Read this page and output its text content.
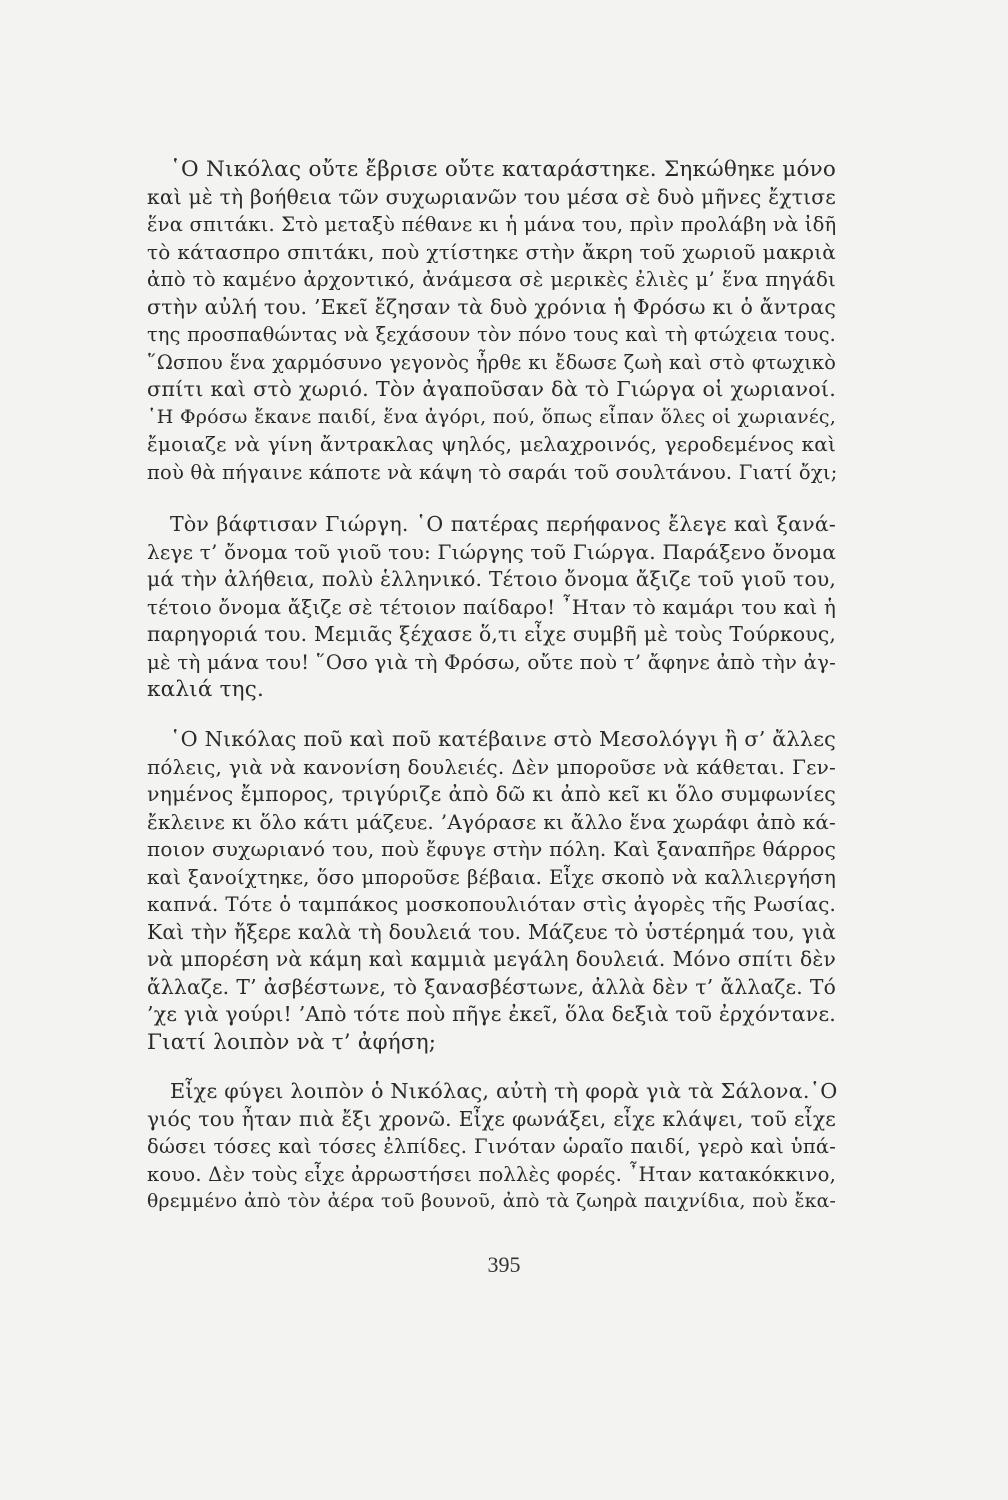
῾Ο Νικόλας οὔτε ἔβρισε οὔτε καταράστηκε. Σηκώθηκε μόνο
καὶ μὲ τὴ βοήθεια τῶν συχωριανῶν του μέσα σὲ δυὸ μῆνες ἔχτισε
ἕνα σπιτάκι. Στὸ μεταξὺ πέθανε κι ἡ μάνα του, πρὶν προλάβη νὰ ἰδῆ
τὸ κάτασπρο σπιτάκι, ποὺ χτίστηκε στὴν ἄκρη τοῦ χωριοῦ μακριὰ
ἀπὸ τὸ καμένο ἀρχοντικό, ἀνάμεσα σὲ μερικὲς ἐλιὲς μ’ ἕνα πηγάδι
στὴν αὐλή του. ’Εκεῖ ἔζησαν τὰ δυὸ χρόνια ἡ Φρόσω κι ὁ ἄντρας
της προσπαθώντας νὰ ξεχάσουν τὸν πόνο τους καὶ τὴ φτώχεια τους.
῞Ωσπου ἕνα χαρμόσυνο γεγονὸς ἦρθε κι ἔδωσε ζωὴ καὶ στὸ φτωχικὸ
σπίτι καὶ στὸ χωριό. Τὸν ἀγαποῦσαν δὰ τὸ Γιώργα οἱ χωριανοί.
῾Η Φρόσω ἔκανε παιδί, ἕνα ἀγόρι, πού, ὅπως εἶπαν ὅλες οἱ χωριανές,
ἔμοιαζε νὰ γίνη ἄντρακλας ψηλός, μελαχροινός, γεροδεμένος καὶ
ποὺ θὰ πήγαινε κάποτε νὰ κάψη τὸ σαράι τοῦ σουλτάνου. Γιατί ὄχι;
Τὸν βάφτισαν Γιώργη. ῾Ο πατέρας περήφανος ἔλεγε καὶ ξανά-
λεγε τ’ ὄνομα τοῦ γιοῦ του: Γιώργης τοῦ Γιώργα. Παράξενο ὄνομα
μά τὴν ἀλήθεια, πολὺ ἑλληνικό. Τέτοιο ὄνομα ἄξιζε τοῦ γιοῦ του,
τέτοιο ὄνομα ἄξιζε σὲ τέτοιον παίδαρο! ῏Ηταν τὸ καμάρι του καὶ ἡ
παρηγοριά του. Μεμιᾶς ξέχασε ὅ,τι εἶχε συμβῆ μὲ τοὺς Τούρκους,
μὲ τὴ μάνα του! ῞Οσο γιὰ τὴ Φρόσω, οὔτε ποὺ τ’ ἄφηνε ἀπὸ τὴν ἀγ-
καλιά της.
῾Ο Νικόλας ποῦ καὶ ποῦ κατέβαινε στὸ Μεσολόγγι ἢ σ’ ἄλλες
πόλεις, γιὰ νὰ κανονίση δουλειές. Δὲν μποροῦσε νὰ κάθεται. Γεν-
νημένος ἔμπορος, τριγύριζε ἀπὸ δῶ κι ἀπὸ κεῖ κι ὅλο συμφωνίες
ἔκλεινε κι ὅλο κάτι μάζευε. ’Αγόρασε κι ἄλλο ἕνα χωράφι ἀπὸ κά-
ποιον συχωριανό του, ποὺ ἔφυγε στὴν πόλη. Καὶ ξαναπῆρε θάρρος
καὶ ξανοίχτηκε, ὅσο μποροῦσε βέβαια. Εἶχε σκοπὸ νὰ καλλιεργήση
καπνά. Τότε ὁ ταμπάκος μοσκοπουλιόταν στὶς ἀγορὲς τῆς Ρωσίας.
Καὶ τὴν ἤξερε καλὰ τὴ δουλειά του. Μάζευε τὸ ὑστέρημά του, γιὰ
νὰ μπορέση νὰ κάμη καὶ καμμιὰ μεγάλη δουλειά. Μόνο σπίτι δὲν
ἄλλαζε. Τ’ ἀσβέστωνε, τὸ ξανασβέστωνε, ἀλλὰ δὲν τ’ ἄλλαζε. Τό
’χε γιὰ γούρι! ’Απὸ τότε ποὺ πῆγε ἐκεῖ, ὅλα δεξιὰ τοῦ ἐρχόντανε.
Γιατί λοιπὸν νὰ τ’ ἀφήση;
Εἶχε φύγει λοιπὸν ὁ Νικόλας, αὐτὴ τὴ φορὰ γιὰ τὰ Σάλονα.῾Ο
γιός του ἦταν πιὰ ἔξι χρονῶ. Εἶχε φωνάξει, εἶχε κλάψει, τοῦ εἶχε
δώσει τόσες καὶ τόσες ἐλπίδες. Γινόταν ὡραῖο παιδί, γερὸ καὶ ὑπά-
κουο. Δὲν τοὺς εἶχε ἀρρωστήσει πολλὲς φορές. ῏Ηταν κατακόκκινο,
θρεμμένο ἀπὸ τὸν ἀέρα τοῦ βουνοῦ, ἀπὸ τὰ ζωηρὰ παιχνίδια, ποὺ ἔκα-
395
